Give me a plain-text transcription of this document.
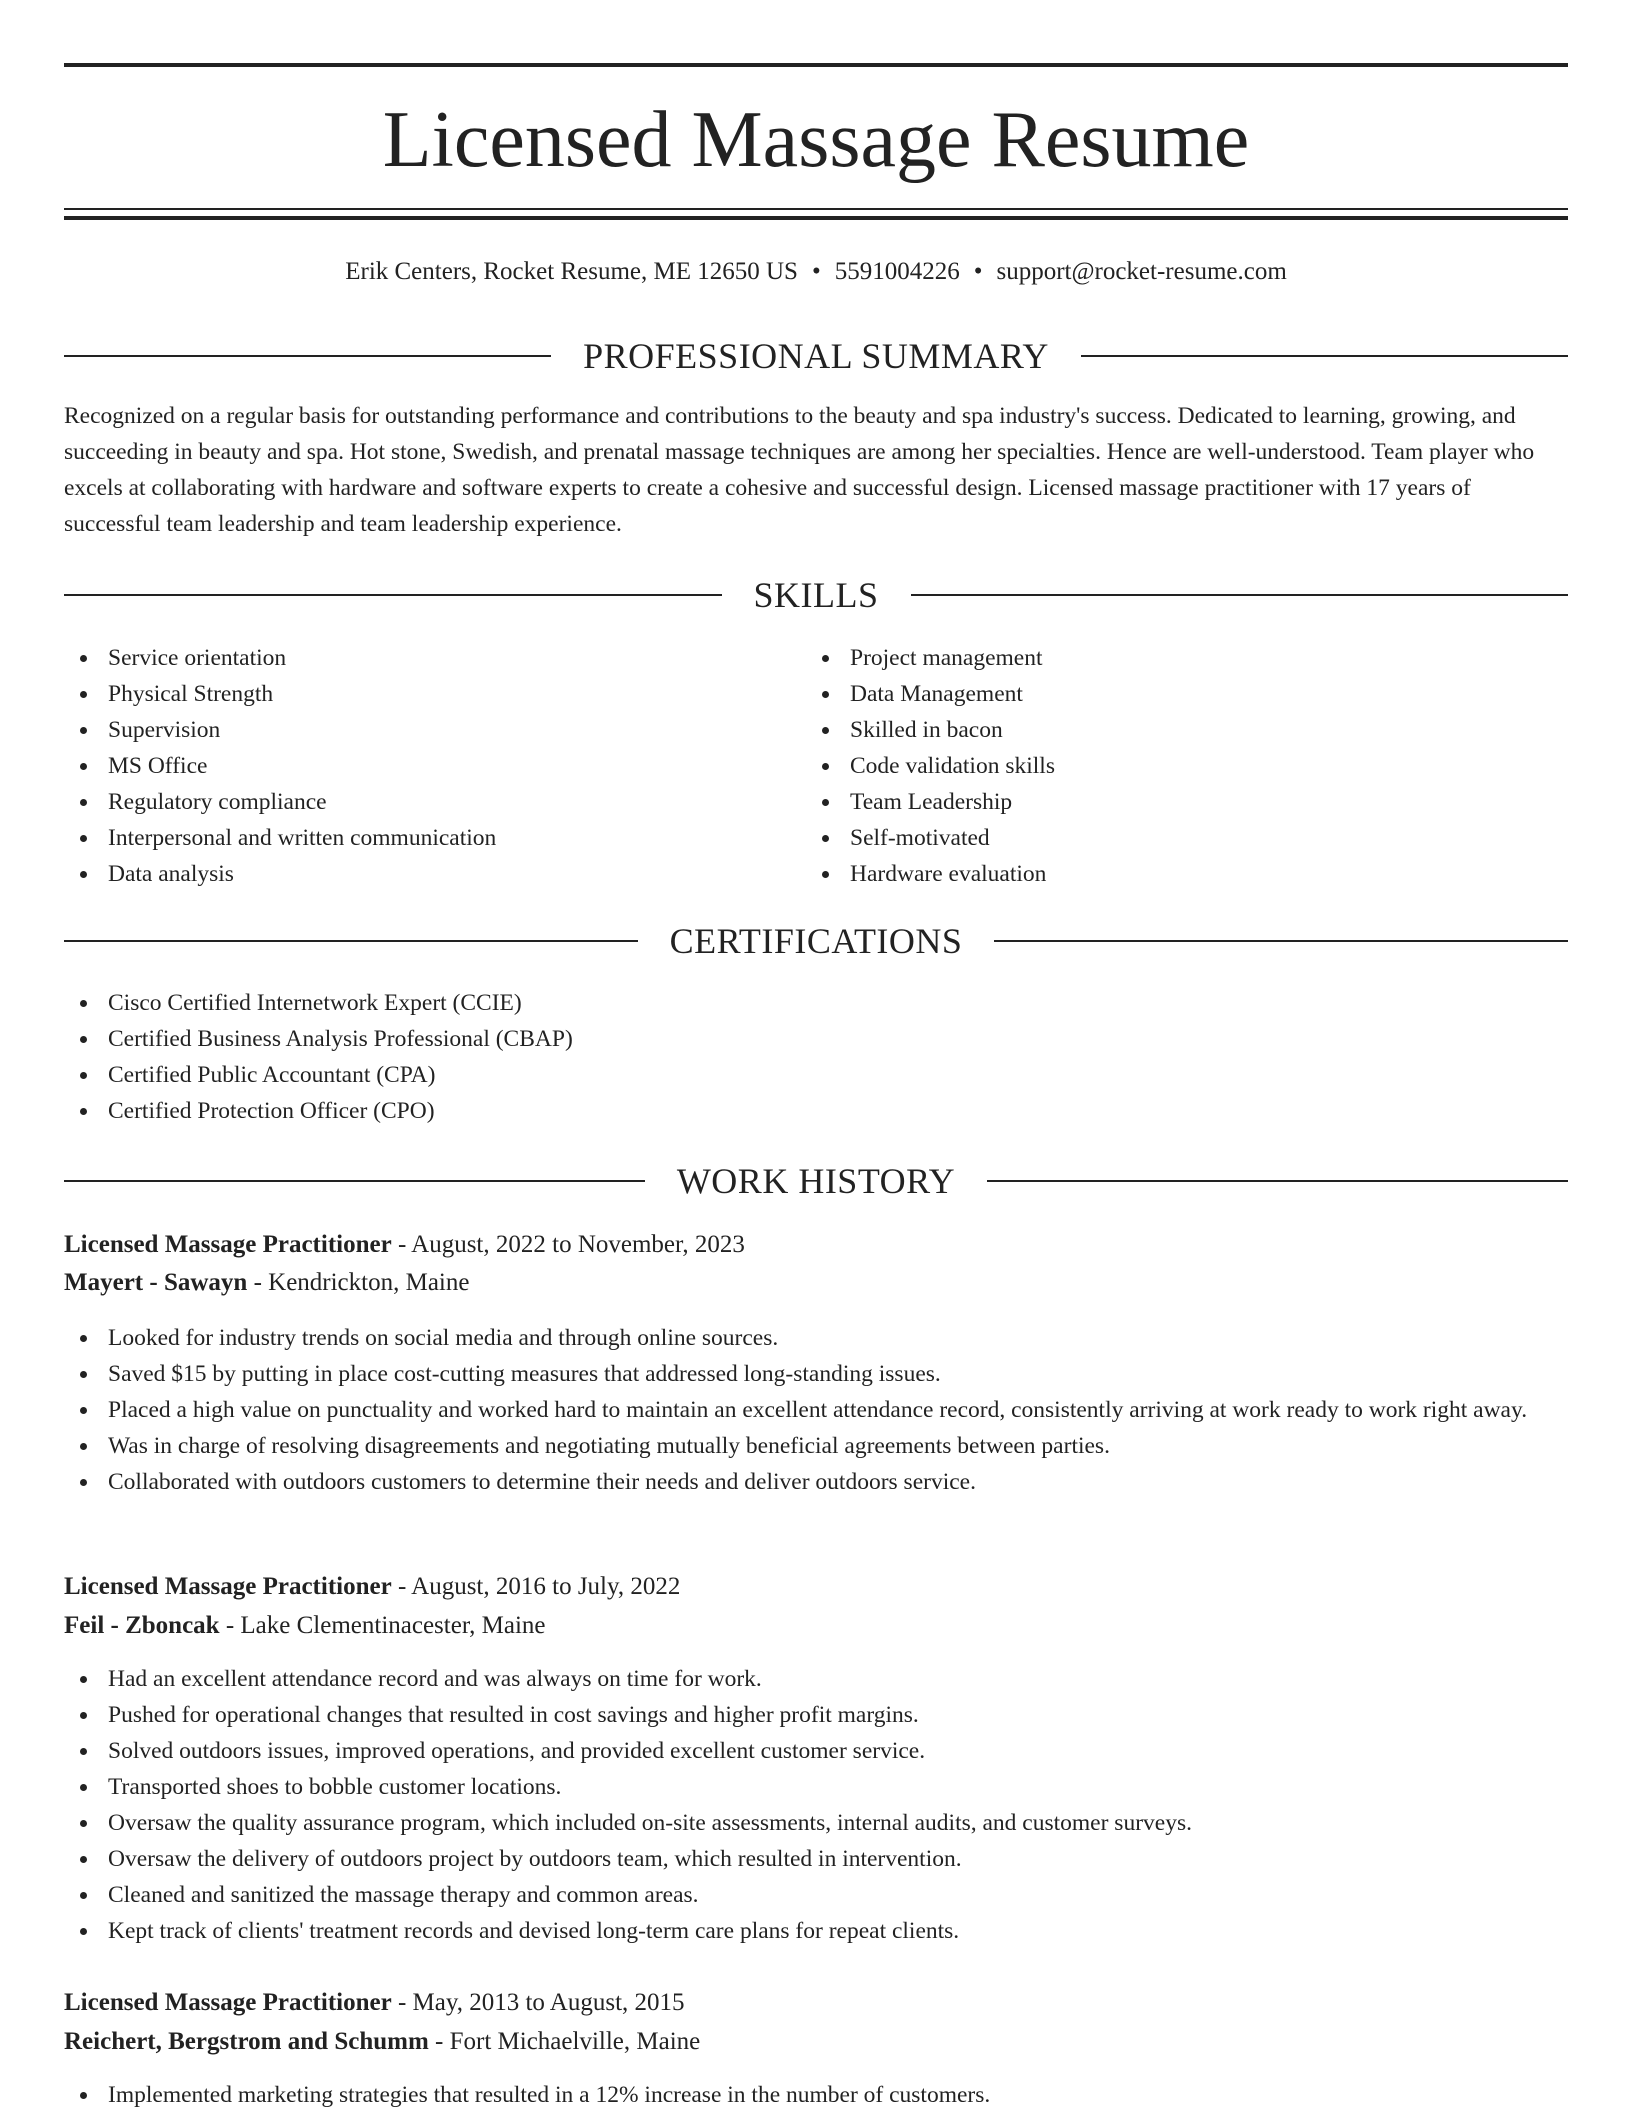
Licensed Massage Resume
Erik Centers, Rocket Resume, ME 12650 US • 5591004226 • support@rocket-resume.com
PROFESSIONAL SUMMARY

Recognized on a regular basis for outstanding performance and contributions to the beauty and spa industry's success. Dedicated to learning, growing, and succeeding in beauty and spa. Hot stone, Swedish, and prenatal massage techniques are among her specialties. Hence are well-understood. Team player who excels at collaborating with hardware and software experts to create a cohesive and successful design. Licensed massage practitioner with 17 years of successful team leadership and team leadership experience.

SKILLS
Service orientation
Physical Strength
Supervision
MS Office
Regulatory compliance
Interpersonal and written communication
Data analysis
Project management
Data Management
Skilled in bacon
Code validation skills
Team Leadership
Self-motivated
Hardware evaluation
CERTIFICATIONS
Cisco Certified Internetwork Expert (CCIE)
Certified Business Analysis Professional (CBAP)
Certified Public Accountant (CPA)
Certified Protection Officer (CPO)
WORK HISTORY
Licensed Massage Practitioner - August, 2022 to November, 2023
Mayert - Sawayn - Kendrickton, Maine
Looked for industry trends on social media and through online sources.
Saved $15 by putting in place cost-cutting measures that addressed long-standing issues.
Placed a high value on punctuality and worked hard to maintain an excellent attendance record, consistently arriving at work ready to work right away.
Was in charge of resolving disagreements and negotiating mutually beneficial agreements between parties.
Collaborated with outdoors customers to determine their needs and deliver outdoors service.
Licensed Massage Practitioner - August, 2016 to July, 2022
Feil - Zboncak - Lake Clementinacester, Maine
Had an excellent attendance record and was always on time for work.
Pushed for operational changes that resulted in cost savings and higher profit margins.
Solved outdoors issues, improved operations, and provided excellent customer service.
Transported shoes to bobble customer locations.
Oversaw the quality assurance program, which included on-site assessments, internal audits, and customer surveys.
Oversaw the delivery of outdoors project by outdoors team, which resulted in intervention.
Cleaned and sanitized the massage therapy and common areas.
Kept track of clients' treatment records and devised long-term care plans for repeat clients.
Licensed Massage Practitioner - May, 2013 to August, 2015
Reichert, Bergstrom and Schumm - Fort Michaelville, Maine
Implemented marketing strategies that resulted in a 12% increase in the number of customers.
